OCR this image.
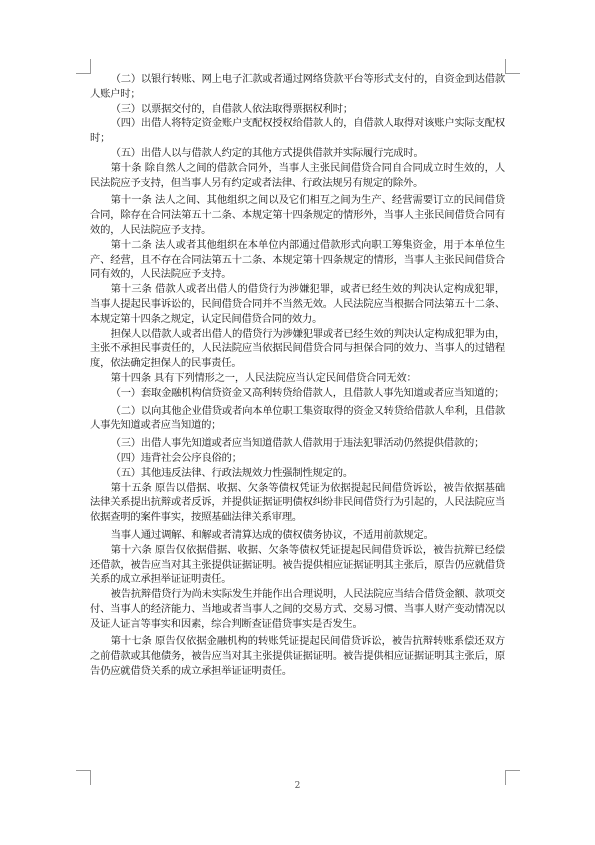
（二）以银行转账、网上电子汇款或者通过网络贷款平台等形式支付的，自资金到达借款人账户时；

（三）以票据交付的，自借款人依法取得票据权利时；

（四）出借人将特定资金账户支配权授权给借款人的，自借款人取得对该账户实际支配权时；

（五）出借人以与借款人约定的其他方式提供借款并实际履行完成时。

第十条 除自然人之间的借款合同外，当事人主张民间借贷合同自合同成立时生效的，人民法院应予支持，但当事人另有约定或者法律、行政法规另有规定的除外。

第十一条 法人之间、其他组织之间以及它们相互之间为生产、经营需要订立的民间借贷合同，除存在合同法第五十二条、本规定第十四条规定的情形外，当事人主张民间借贷合同有效的，人民法院应予支持。

第十二条 法人或者其他组织在本单位内部通过借款形式向职工筹集资金，用于本单位生产、经营，且不存在合同法第五十二条、本规定第十四条规定的情形，当事人主张民间借贷合同有效的，人民法院应予支持。

第十三条 借款人或者出借人的借贷行为涉嫌犯罪，或者已经生效的判决认定构成犯罪，当事人提起民事诉讼的，民间借贷合同并不当然无效。人民法院应当根据合同法第五十二条、本规定第十四条之规定，认定民间借贷合同的效力。

担保人以借款人或者出借人的借贷行为涉嫌犯罪或者已经生效的判决认定构成犯罪为由，主张不承担民事责任的，人民法院应当依据民间借贷合同与担保合同的效力、当事人的过错程度，依法确定担保人的民事责任。

第十四条 具有下列情形之一，人民法院应当认定民间借贷合同无效：

（一）套取金融机构信贷资金又高利转贷给借款人，且借款人事先知道或者应当知道的；

（二）以向其他企业借贷或者向本单位职工集资取得的资金又转贷给借款人牟利，且借款人事先知道或者应当知道的；

（三）出借人事先知道或者应当知道借款人借款用于违法犯罪活动仍然提供借款的；

（四）违背社会公序良俗的；

（五）其他违反法律、行政法规效力性强制性规定的。

第十五条 原告以借据、收据、欠条等债权凭证为依据提起民间借贷诉讼，被告依据基础法律关系提出抗辩或者反诉，并提供证据证明债权纠纷非民间借贷行为引起的，人民法院应当依据查明的案件事实，按照基础法律关系审理。

当事人通过调解、和解或者清算达成的债权债务协议，不适用前款规定。

第十六条 原告仅依据借据、收据、欠条等债权凭证提起民间借贷诉讼，被告抗辩已经偿还借款，被告应当对其主张提供证据证明。被告提供相应证据证明其主张后，原告仍应就借贷关系的成立承担举证证明责任。

被告抗辩借贷行为尚未实际发生并能作出合理说明，人民法院应当结合借贷金额、款项交付、当事人的经济能力、当地或者当事人之间的交易方式、交易习惯、当事人财产变动情况以及证人证言等事实和因素，综合判断查证借贷事实是否发生。

第十七条 原告仅依据金融机构的转账凭证提起民间借贷诉讼，被告抗辩转账系偿还双方之前借款或其他债务，被告应当对其主张提供证据证明。被告提供相应证据证明其主张后，原告仍应就借贷关系的成立承担举证证明责任。

2
